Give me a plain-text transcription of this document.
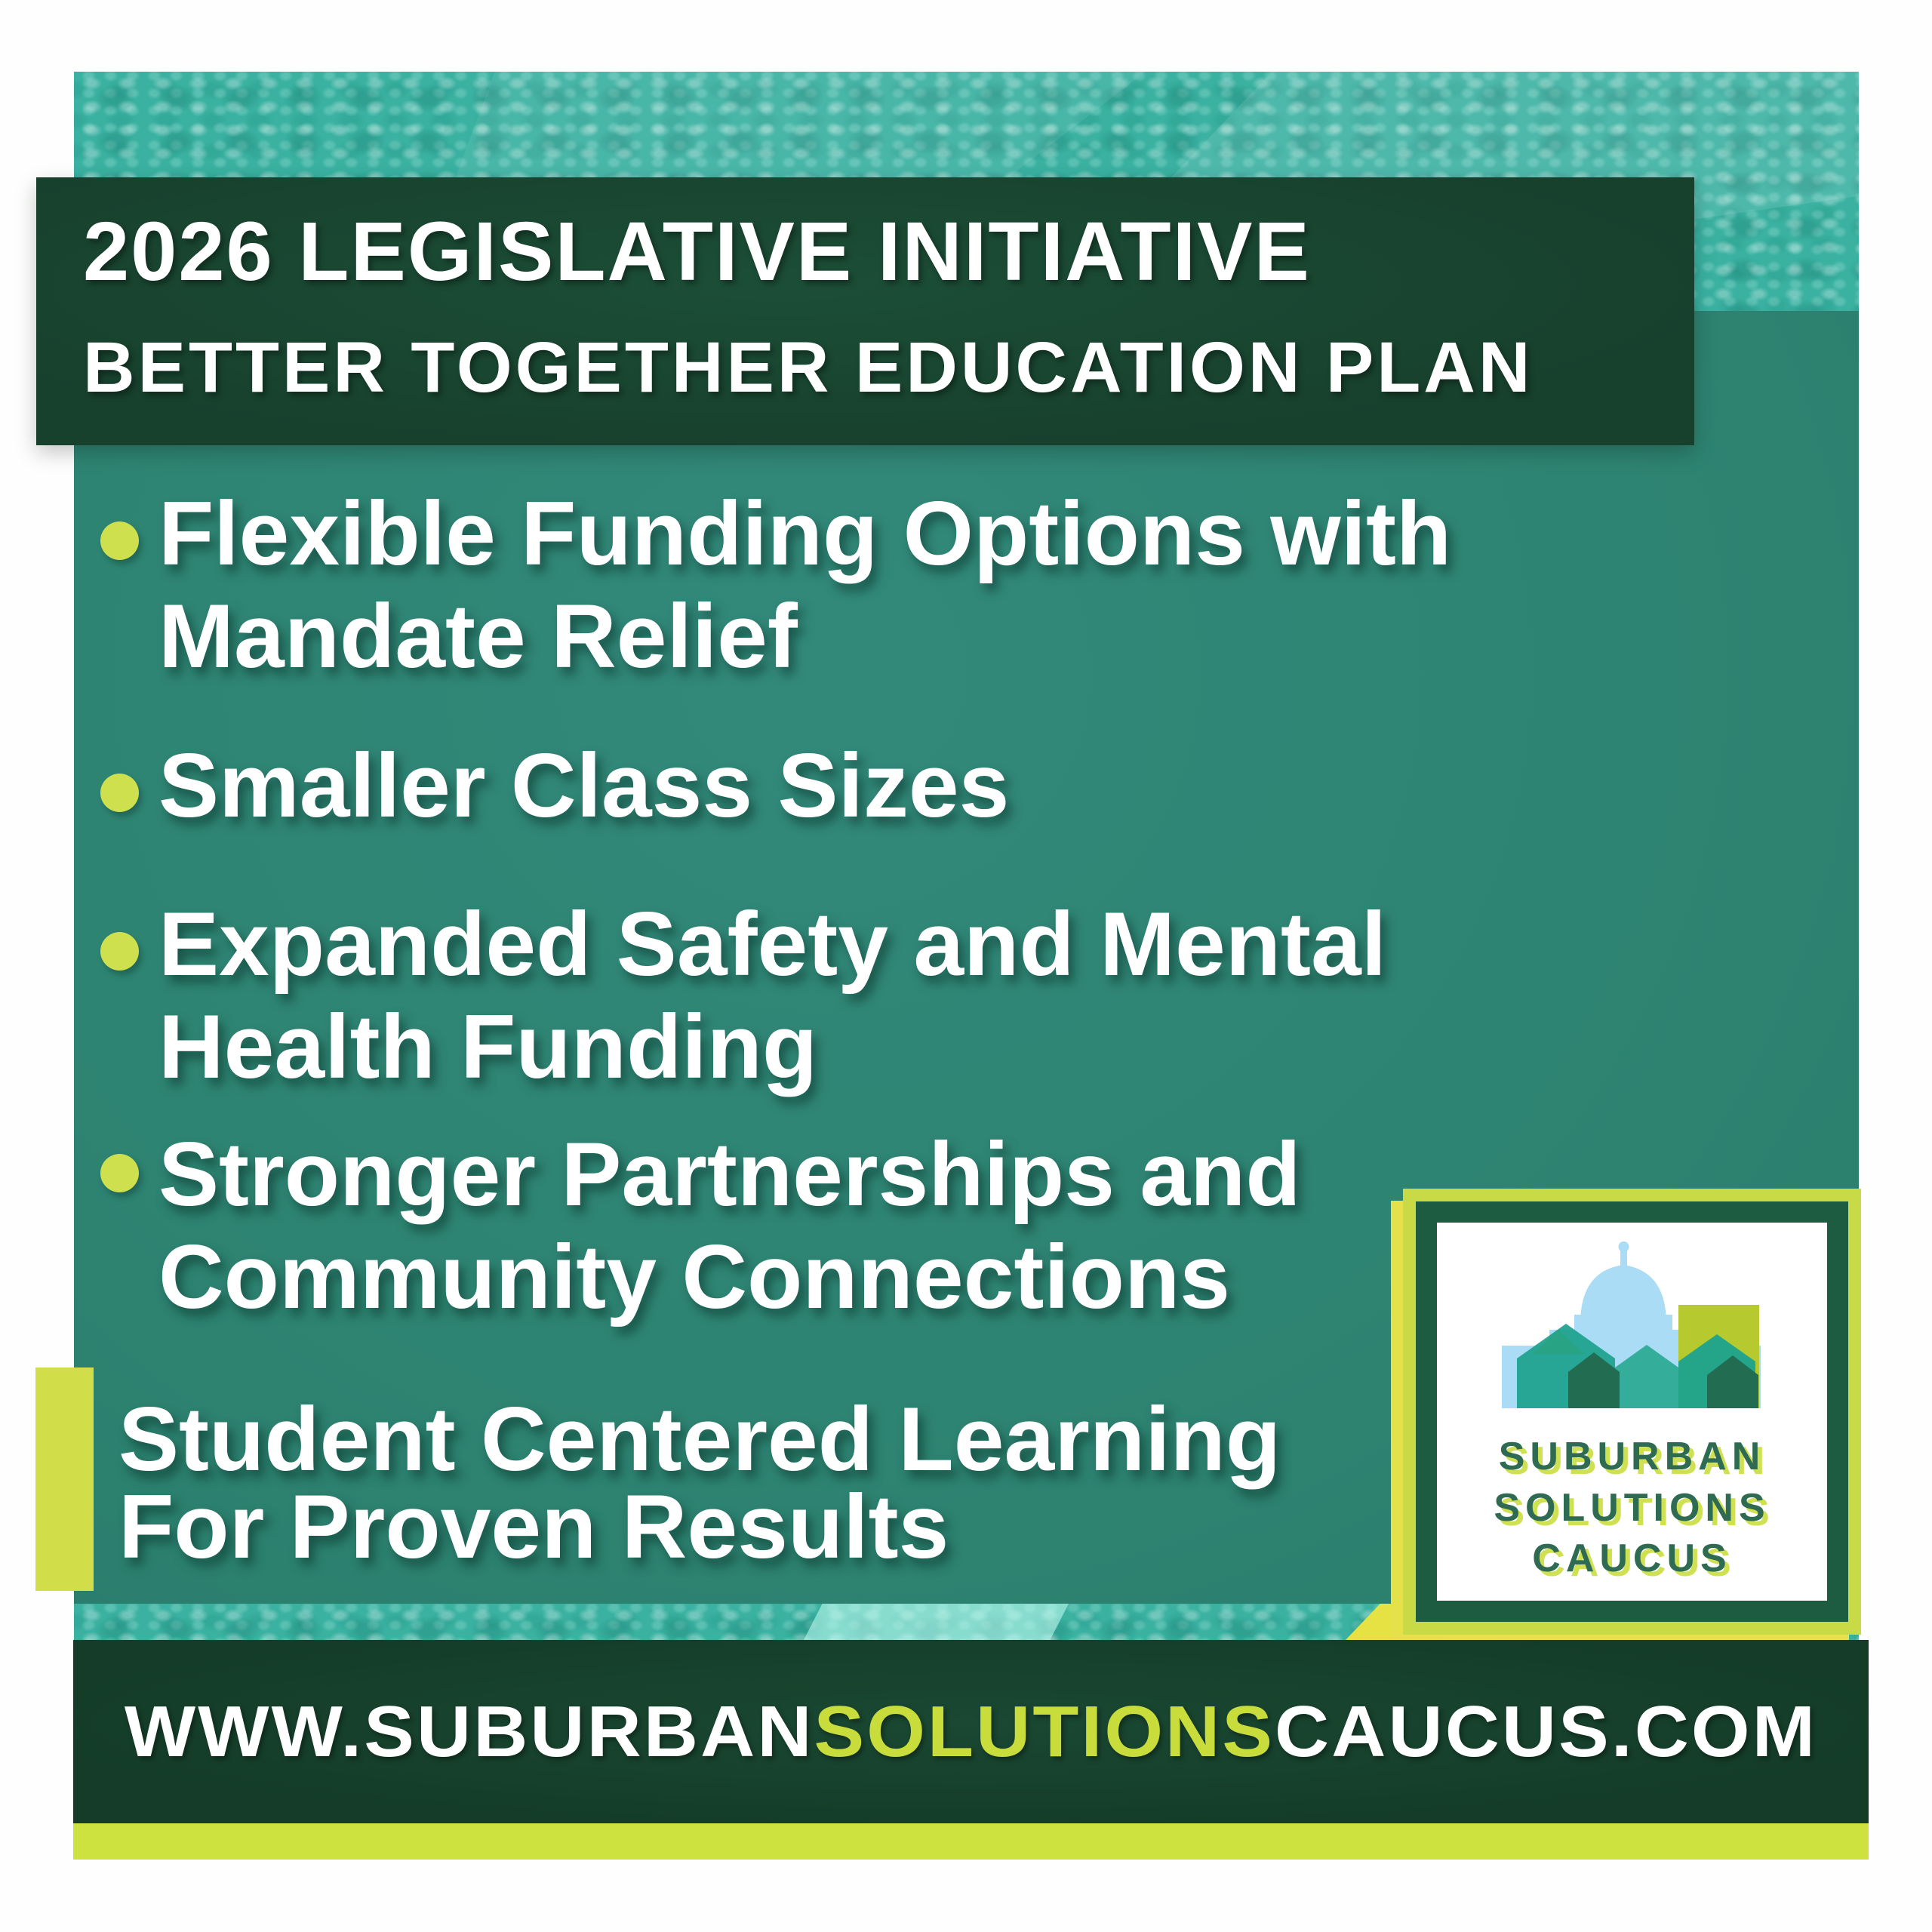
2026 LEGISLATIVE INITIATIVE
BETTER TOGETHER EDUCATION PLAN
Flexible Funding Options with
Mandate Relief
Smaller Class Sizes
Expanded Safety and Mental
Health Funding
Stronger Partnerships and
Community Connections
Student Centered Learning
For Proven Results
SUBURBAN
SOLUTIONS
CAUCUS
WWW.SUBURBANSOLUTIONSCAUCUS.COM
